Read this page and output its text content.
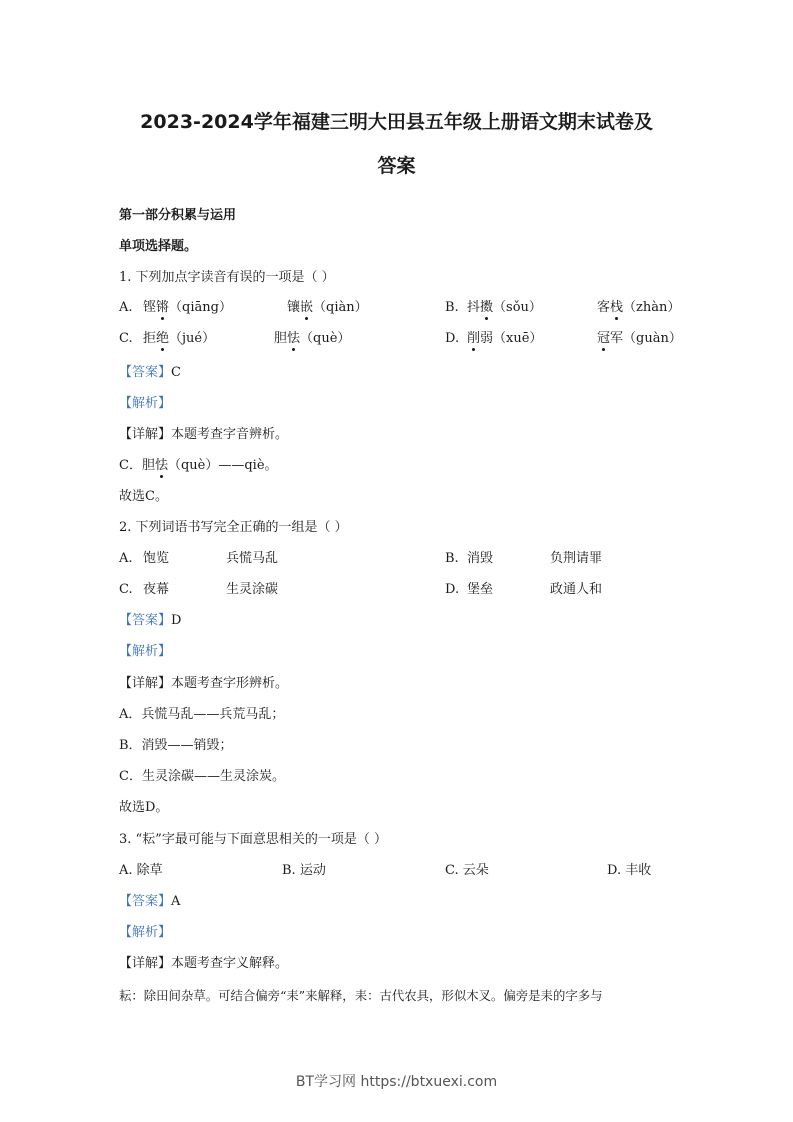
2023-2024学年福建三明大田县五年级上册语文期末试卷及
答案
第一部分积累与运用
单项选择题。
1. 下列加点字读音有误的一项是（ ）
A. 铿锵（qiāng）	镶嵌（qiàn）	B. 抖擞（sǒu）	客栈（zhàn）
C. 拒绝（jué）	胆怯（què）	D. 削弱（xuē）	冠军（guàn）
【答案】C
【解析】
【详解】本题考查字音辨析。
C．胆怯（què）——qiè。
故选C。
2. 下列词语书写完全正确的一组是（ ）
A. 饱览	兵慌马乱	B. 消毁	负荆请罪
C. 夜幕	生灵涂碳	D. 堡垒	政通人和
【答案】D
【解析】
【详解】本题考查字形辨析。
A．兵慌马乱——兵荒马乱；
B．消毁——销毁；
C．生灵涂碳——生灵涂炭。
故选D。
3. “耘”字最可能与下面意思相关的一项是（ ）
A. 除草	B. 运动	C. 云朵	D. 丰收
【答案】A
【解析】
【详解】本题考查字义解释。
耘：除田间杂草。可结合偏旁“耒”来解释，耒：古代农具，形似木叉。偏旁是耒的字多与
BT学习网 https://btxuexi.com
